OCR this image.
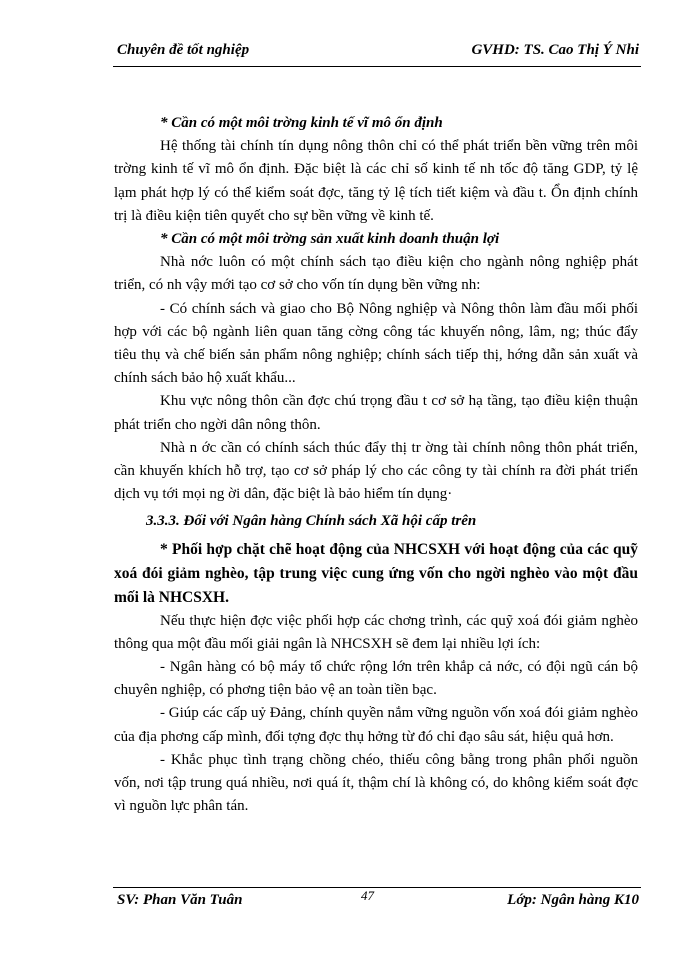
Chuyên đề tốt nghiệp	GVHD: TS. Cao Thị Ý Nhi

* Cần có một môi trờng kinh tế vĩ mô ổn định

Hệ thống tài chính tín dụng nông thôn chỉ có thể phát triển bền vững trên môi trờng kinh tế vĩ mô ổn định. Đặc biệt là các chỉ số kinh tế nh tốc độ tăng GDP, tỷ lệ lạm phát hợp lý có thể kiểm soát đợc, tăng tỷ lệ tích tiết kiệm và đầu t. Ổn định chính trị là điều kiện tiên quyết cho sự bền vững về kinh tế.

* Cần có một môi trờng sản xuất kinh doanh thuận lợi

Nhà nớc luôn có một chính sách tạo điều kiện cho ngành nông nghiệp phát triển, có nh vậy mới tạo cơ sở cho vốn tín dụng bền vững nh:

- Có chính sách và giao cho Bộ Nông nghiệp và Nông thôn làm đầu mối phối hợp với các bộ ngành liên quan tăng cờng công tác khuyến nông, lâm, ng; thúc đẩy tiêu thụ và chế biến sản phẩm nông nghiệp; chính sách tiếp thị, hớng dẫn sản xuất và chính sách bảo hộ xuất khẩu...

Khu vực nông thôn cần đợc chú trọng đầu t cơ sở hạ tầng, tạo điều kiện thuận phát triển cho ngời dân nông thôn.

Nhà n ớc cần có chính sách thúc đẩy thị tr ờng tài chính nông thôn phát triển, cần khuyến khích hỗ trợ, tạo cơ sở pháp lý cho các công ty tài chính ra đời phát triển dịch vụ tới mọi ng ời dân, đặc biệt là bảo hiểm tín dụng·

3.3.3. Đối với Ngân hàng Chính sách Xã hội cấp trên

* Phối hợp chặt chẽ hoạt động của NHCSXH với hoạt động của các quỹ xoá đói giảm nghèo, tập trung việc cung ứng vốn cho ngời nghèo vào một đầu mối là NHCSXH.

Nếu thực hiện đợc việc phối hợp các chơng trình, các quỹ xoá đói giảm nghèo thông qua một đầu mối giải ngân là NHCSXH sẽ đem lại nhiều lợi ích:

- Ngân hàng có bộ máy tổ chức rộng lớn trên khắp cả nớc, có đội ngũ cán bộ chuyên nghiệp, có phơng tiện bảo vệ an toàn tiền bạc.

- Giúp các cấp uỷ Đảng, chính quyền nắm vững nguồn vốn xoá đói giảm nghèo của địa phơng cấp mình, đối tợng đợc thụ hởng từ đó chỉ đạo sâu sát, hiệu quả hơn.

- Khắc phục tình trạng chồng chéo, thiếu công bằng trong phân phối nguồn vốn, nơi tập trung quá nhiều, nơi quá ít, thậm chí là không có, do không kiểm soát đợc vì nguồn lực phân tán.

SV: Phan Văn Tuân	47	Lớp: Ngân hàng K10
